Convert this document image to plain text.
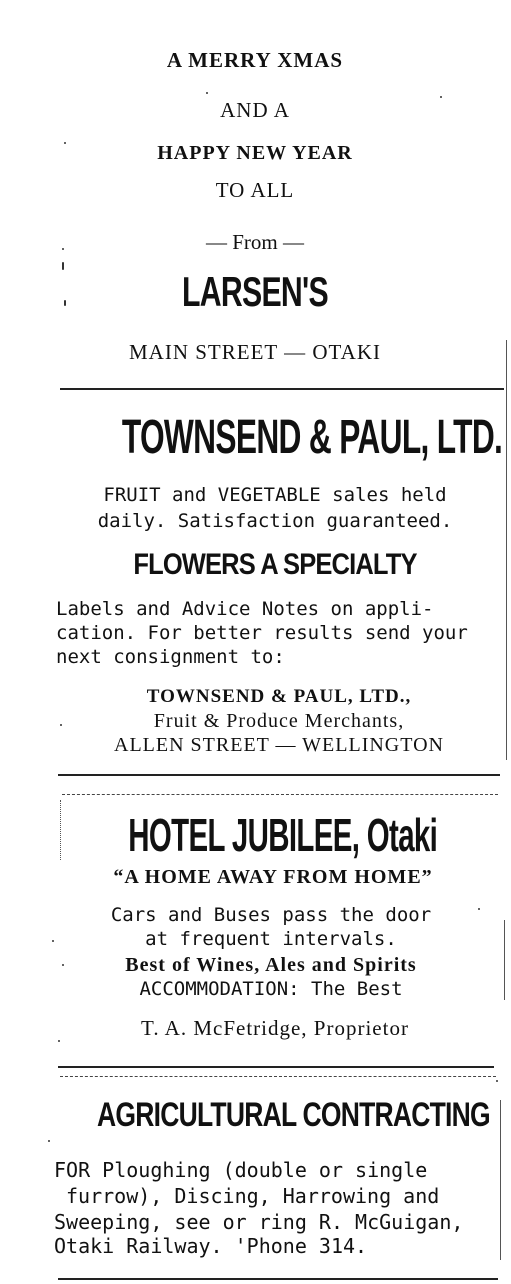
A MERRY XMAS
AND A
HAPPY NEW YEAR
TO ALL
— From —
LARSEN'S
MAIN STREET — OTAKI
TOWNSEND & PAUL, LTD.
FRUIT and VEGETABLE sales held
daily. Satisfaction guaranteed.
FLOWERS A SPECIALTY
Labels and Advice Notes on appli-
cation. For better results send your
next consignment to:
TOWNSEND & PAUL, LTD.,
Fruit & Produce Merchants,
ALLEN STREET — WELLINGTON
HOTEL JUBILEE, Otaki
“A HOME AWAY FROM HOME”
Cars and Buses pass the door
at frequent intervals.
Best of Wines, Ales and Spirits
ACCOMMODATION: The Best
T. A. McFetridge, Proprietor
AGRICULTURAL CONTRACTING
FOR Ploughing (double or single
furrow), Discing, Harrowing and
Sweeping, see or ring R. McGuigan,
Otaki Railway. 'Phone 314.
